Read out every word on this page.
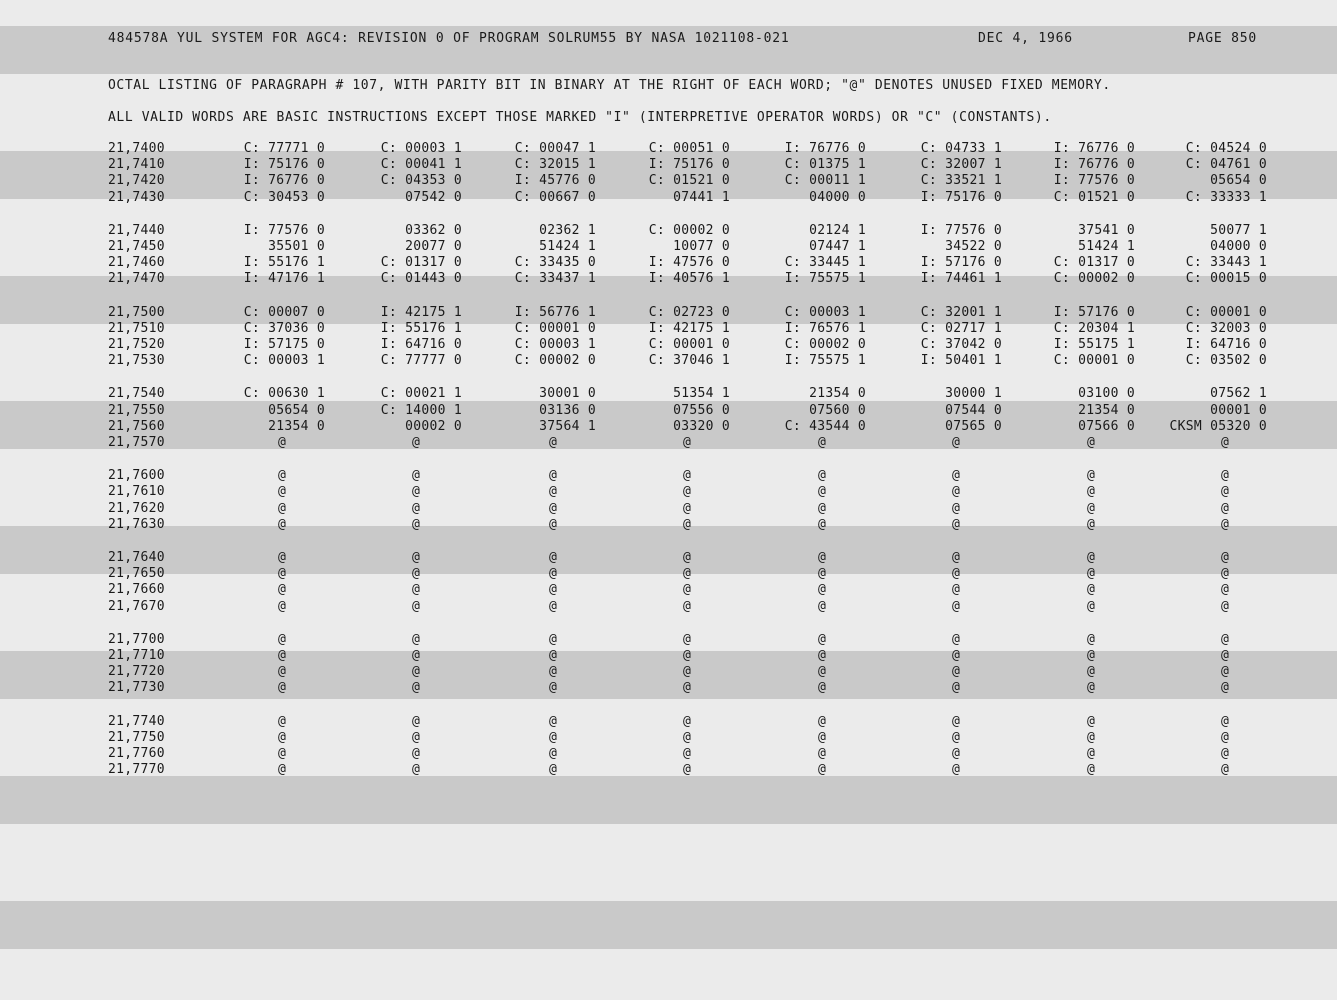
484578A YUL SYSTEM FOR AGC4: REVISION 0 OF PROGRAM SOLRUM55 BY NASA 1021108-021	DEC 4, 1966	PAGE 850
OCTAL LISTING OF PARAGRAPH # 107, WITH PARITY BIT IN BINARY AT THE RIGHT OF EACH WORD; "@" DENOTES UNUSED FIXED MEMORY.
ALL VALID WORDS ARE BASIC INSTRUCTIONS EXCEPT THOSE MARKED "I" (INTERPRETIVE OPERATOR WORDS) OR "C" (CONSTANTS).
21,7400	C: 77771 0	C: 00003 1	C: 00047 1	C: 00051 0	I: 76776 0	C: 04733 1	I: 76776 0	C: 04524 0
21,7410	I: 75176 0	C: 00041 1	C: 32015 1	I: 75176 0	C: 01375 1	C: 32007 1	I: 76776 0	C: 04761 0
21,7420	I: 76776 0	C: 04353 0	I: 45776 0	C: 01521 0	C: 00011 1	C: 33521 1	I: 77576 0	05654 0
21,7430	C: 30453 0	07542 0	C: 00667 0	07441 1	04000 0	I: 75176 0	C: 01521 0	C: 33333 1
21,7440	I: 77576 0	03362 0	02362 1	C: 00002 0	02124 1	I: 77576 0	37541 0	50077 1
21,7450	35501 0	20077 0	51424 1	10077 0	07447 1	34522 0	51424 1	04000 0
21,7460	I: 55176 1	C: 01317 0	C: 33435 0	I: 47576 0	C: 33445 1	I: 57176 0	C: 01317 0	C: 33443 1
21,7470	I: 47176 1	C: 01443 0	C: 33437 1	I: 40576 1	I: 75575 1	I: 74461 1	C: 00002 0	C: 00015 0
21,7500	C: 00007 0	I: 42175 1	I: 56776 1	C: 02723 0	C: 00003 1	C: 32001 1	I: 57176 0	C: 00001 0
21,7510	C: 37036 0	I: 55176 1	C: 00001 0	I: 42175 1	I: 76576 1	C: 02717 1	C: 20304 1	C: 32003 0
21,7520	I: 57175 0	I: 64716 0	C: 00003 1	C: 00001 0	C: 00002 0	C: 37042 0	I: 55175 1	I: 64716 0
21,7530	C: 00003 1	C: 77777 0	C: 00002 0	C: 37046 1	I: 75575 1	I: 50401 1	C: 00001 0	C: 03502 0
21,7540	C: 00630 1	C: 00021 1	30001 0	51354 1	21354 0	30000 1	03100 0	07562 1
21,7550	05654 0	C: 14000 1	03136 0	07556 0	07560 0	07544 0	21354 0	00001 0
21,7560	21354 0	00002 0	37564 1	03320 0	C: 43544 0	07565 0	07566 0	CKSM 05320 0
21,7570	@	@	@	@	@	@	@	@
21,7600	@	@	@	@	@	@	@	@
21,7610	@	@	@	@	@	@	@	@
21,7620	@	@	@	@	@	@	@	@
21,7630	@	@	@	@	@	@	@	@
21,7640	@	@	@	@	@	@	@	@
21,7650	@	@	@	@	@	@	@	@
21,7660	@	@	@	@	@	@	@	@
21,7670	@	@	@	@	@	@	@	@
21,7700	@	@	@	@	@	@	@	@
21,7710	@	@	@	@	@	@	@	@
21,7720	@	@	@	@	@	@	@	@
21,7730	@	@	@	@	@	@	@	@
21,7740	@	@	@	@	@	@	@	@
21,7750	@	@	@	@	@	@	@	@
21,7760	@	@	@	@	@	@	@	@
21,7770	@	@	@	@	@	@	@	@
